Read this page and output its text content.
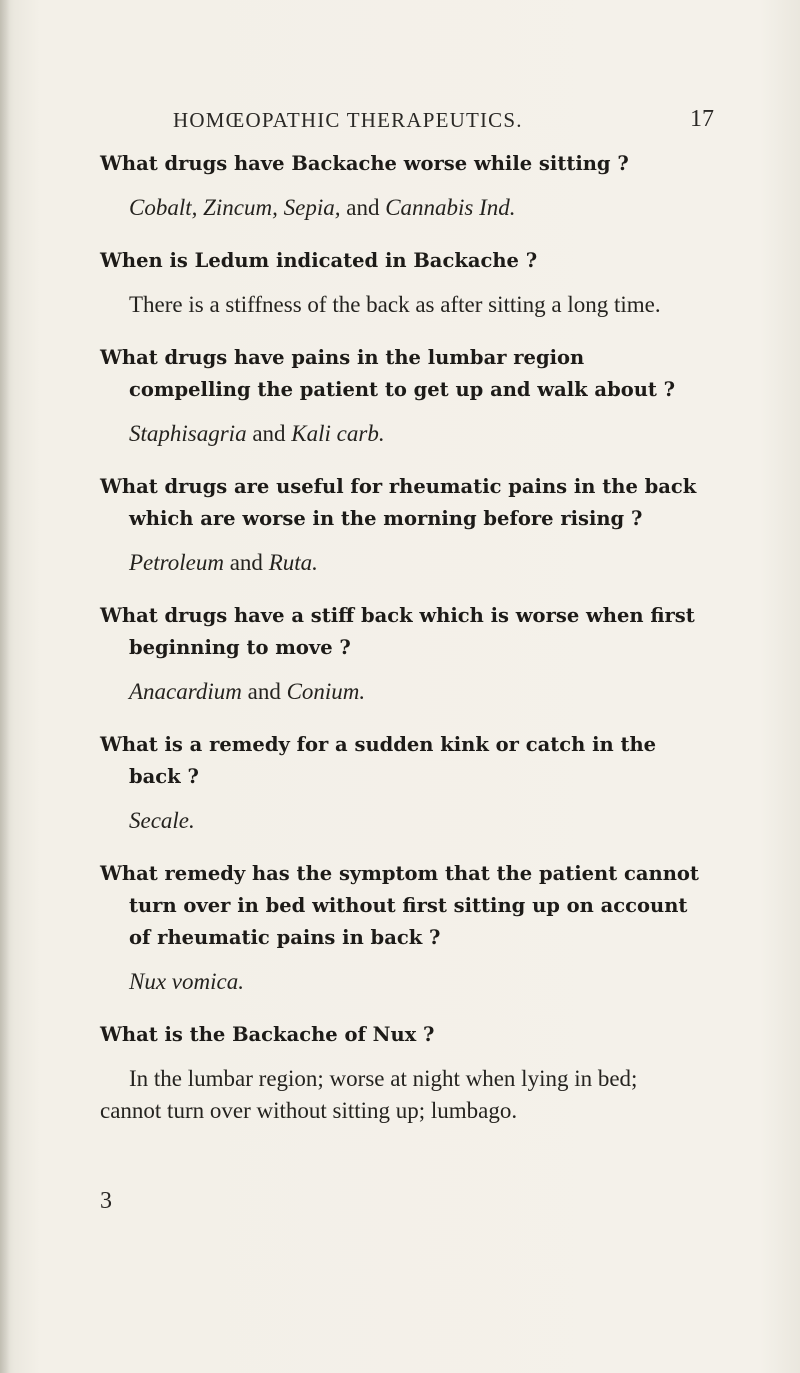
HOMŒOPATHIC THERAPEUTICS.	17

What drugs have Backache worse while sitting ?

Cobalt, Zincum, Sepia, and Cannabis Ind.

When is Ledum indicated in Backache ?

There is a stiffness of the back as after sitting a long time.

What drugs have pains in the lumbar region compelling the patient to get up and walk about ?

Staphisagria and Kali carb.

What drugs are useful for rheumatic pains in the back which are worse in the morning before rising ?

Petroleum and Ruta.

What drugs have a stiff back which is worse when first beginning to move ?

Anacardium and Conium.

What is a remedy for a sudden kink or catch in the back ?

Secale.

What remedy has the symptom that the patient cannot turn over in bed without first sitting up on account of rheumatic pains in back ?

Nux vomica.

What is the Backache of Nux ?

In the lumbar region; worse at night when lying in bed; cannot turn over without sitting up; lumbago.

3
